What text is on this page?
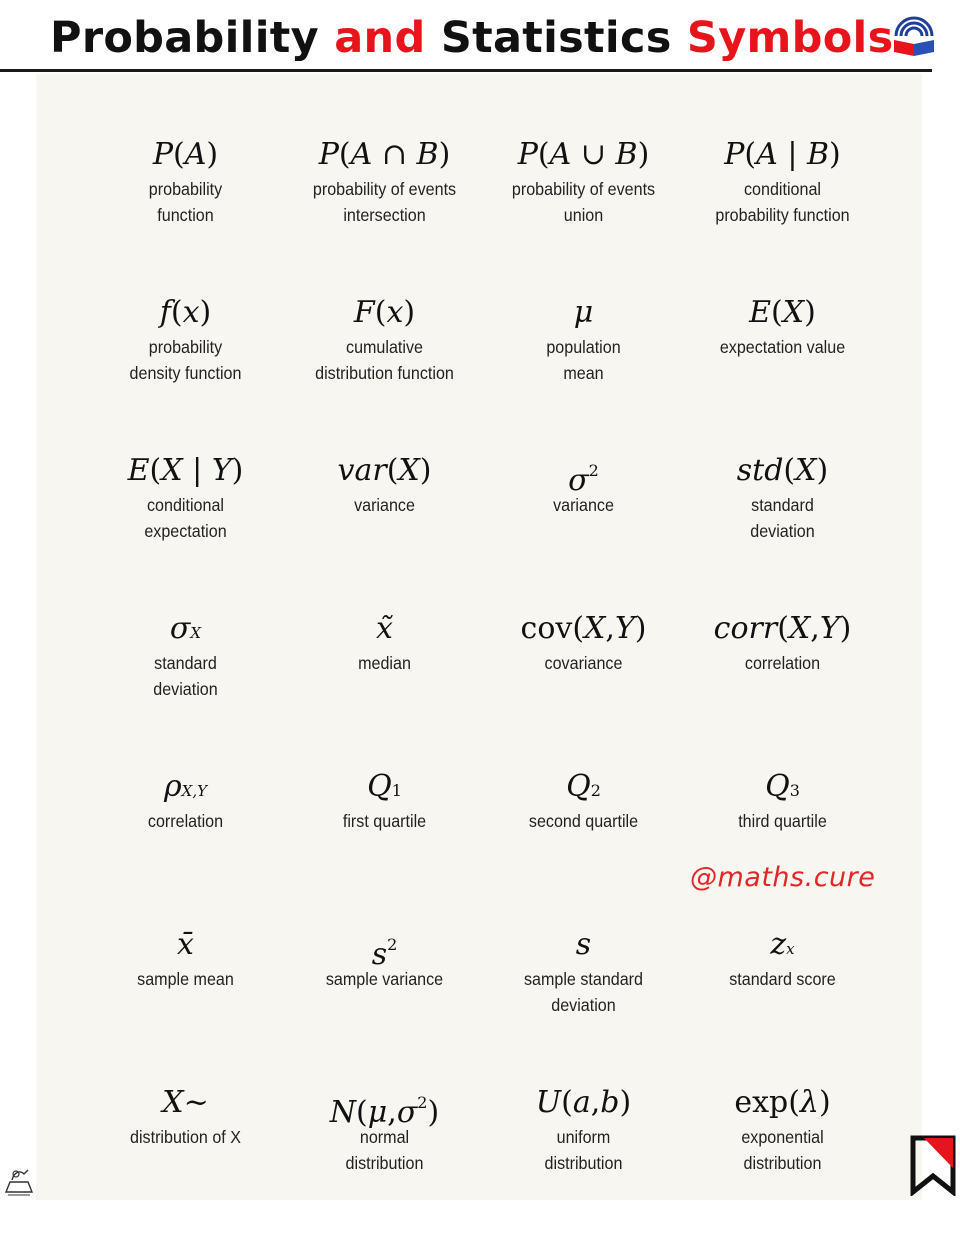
Probability and Statistics Symbols
P(A)
probability
function
P(A ∩ B)
probability of events
intersection
P(A ∪ B)
probability of events
union
P(A | B)
conditional
probability function
f(x)
probability
density function
F(x)
cumulative
distribution function
μ
population
mean
E(X)
expectation value
E(X | Y)
conditional
expectation
var(X)
variance
$\sigma^2$
variance
std(X)
standard
deviation
σX
standard
deviation
x̃
median
cov(X,Y)
covariance
corr(X,Y)
correlation
ρX,Y
correlation
Q1
first quartile
Q2
second quartile
Q3
third quartile
x̄
sample mean
$s^2$
sample variance
s
sample standard
deviation
zx
standard score
X~
distribution of X
$N(\mu,\sigma^2)$
normal
distribution
U(a,b)
uniform
distribution
exp(λ)
exponential
distribution
@maths.cure
